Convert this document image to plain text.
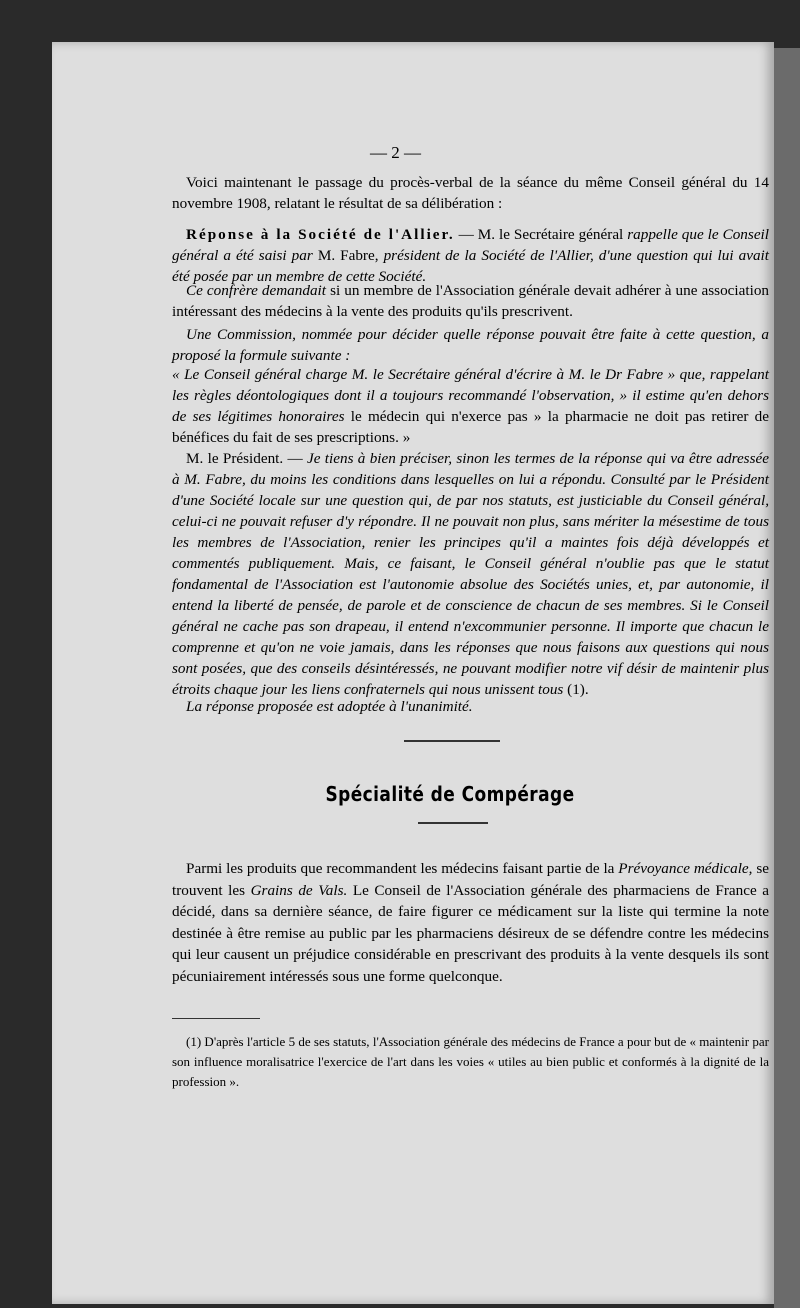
— 2 —

Voici maintenant le passage du procès-verbal de la séance du même Conseil général du 14 novembre 1908, relatant le résultat de sa délibération :

Réponse à la Société de l'Allier. — M. le Secrétaire général rappelle que le Conseil général a été saisi par M. Fabre, président de la Société de l'Allier, d'une question qui lui avait été posée par un membre de cette Société.

Ce confrère demandait si un membre de l'Association générale devait adhérer à une association intéressant des médecins à la vente des produits qu'ils prescrivent.

Une Commission, nommée pour décider quelle réponse pouvait être faite à cette question, a proposé la formule suivante :

« Le Conseil général charge M. le Secrétaire général d'écrire à M. le Dr Fabre » que, rappelant les règles déontologiques dont il a toujours recommandé l'observation, » il estime qu'en dehors de ses légitimes honoraires le médecin qui n'exerce pas » la pharmacie ne doit pas retirer de bénéfices du fait de ses prescriptions. »

M. le Président. — Je tiens à bien préciser, sinon les termes de la réponse qui va être adressée à M. Fabre, du moins les conditions dans lesquelles on lui a répondu. Consulté par le Président d'une Société locale sur une question qui, de par nos statuts, est justiciable du Conseil général, celui-ci ne pouvait refuser d'y répondre. Il ne pouvait non plus, sans mériter la mésestime de tous les membres de l'Association, renier les principes qu'il a maintes fois déjà développés et commentés publiquement. Mais, ce faisant, le Conseil général n'oublie pas que le statut fondamental de l'Association est l'autonomie absolue des Sociétés unies, et, par autonomie, il entend la liberté de pensée, de parole et de conscience de chacun de ses membres. Si le Conseil général ne cache pas son drapeau, il entend n'excommunier personne. Il importe que chacun le comprenne et qu'on ne voie jamais, dans les réponses que nous faisons aux questions qui nous sont posées, que des conseils désintéressés, ne pouvant modifier notre vif désir de maintenir plus étroits chaque jour les liens confraternels qui nous unissent tous (1).

La réponse proposée est adoptée à l'unanimité.

Spécialité de Compérage

Parmi les produits que recommandent les médecins faisant partie de la Prévoyance médicale, se trouvent les Grains de Vals. Le Conseil de l'Association générale des pharmaciens de France a décidé, dans sa dernière séance, de faire figurer ce médicament sur la liste qui termine la note destinée à être remise au public par les pharmaciens désireux de se défendre contre les médecins qui leur causent un préjudice considérable en prescrivant des produits à la vente desquels ils sont pécuniairement intéressés sous une forme quelconque.

(1) D'après l'article 5 de ses statuts, l'Association générale des médecins de France a pour but de « maintenir par son influence moralisatrice l'exercice de l'art dans les voies « utiles au bien public et conformés à la dignité de la profession ».
